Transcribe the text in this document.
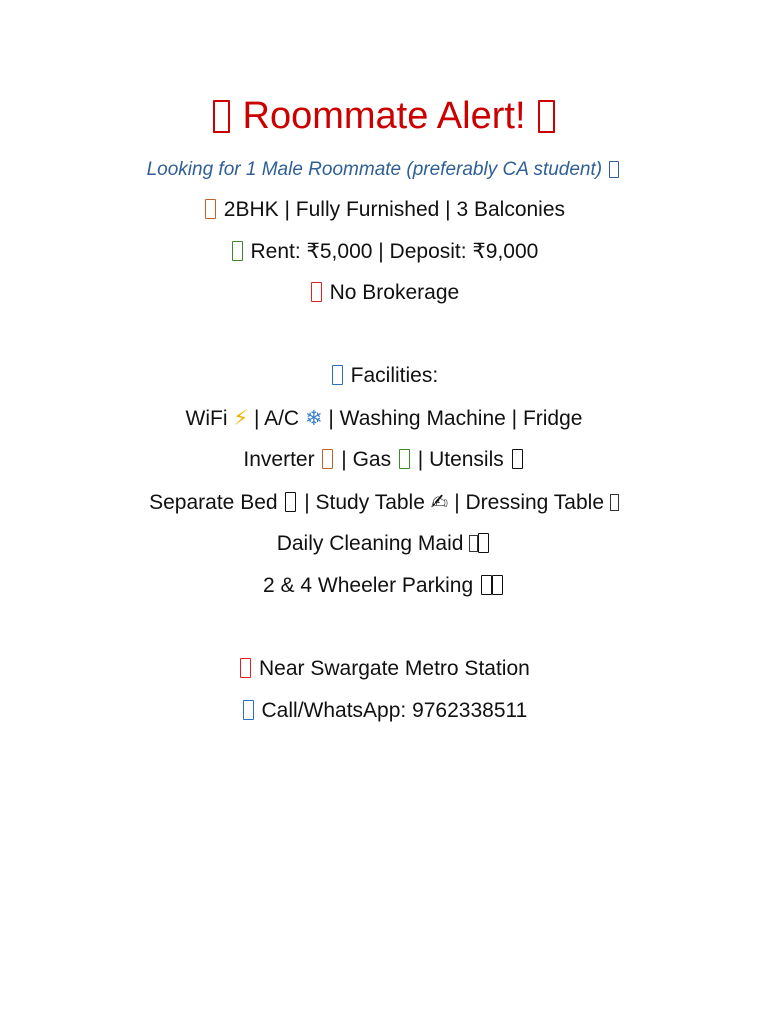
Roommate Alert!
Looking for 1 Male Roommate (preferably CA student)
2BHK | Fully Furnished | 3 Balconies
Rent: ₹5,000 | Deposit: ₹9,000
No Brokerage
Facilities:
WiFi ⚡ | A/C ❄ | Washing Machine | Fridge
Inverter | Gas | Utensils
Separate Bed | Study Table ✍ | Dressing Table
Daily Cleaning Maid
2 & 4 Wheeler Parking
Near Swargate Metro Station
Call/WhatsApp: 9762338511
